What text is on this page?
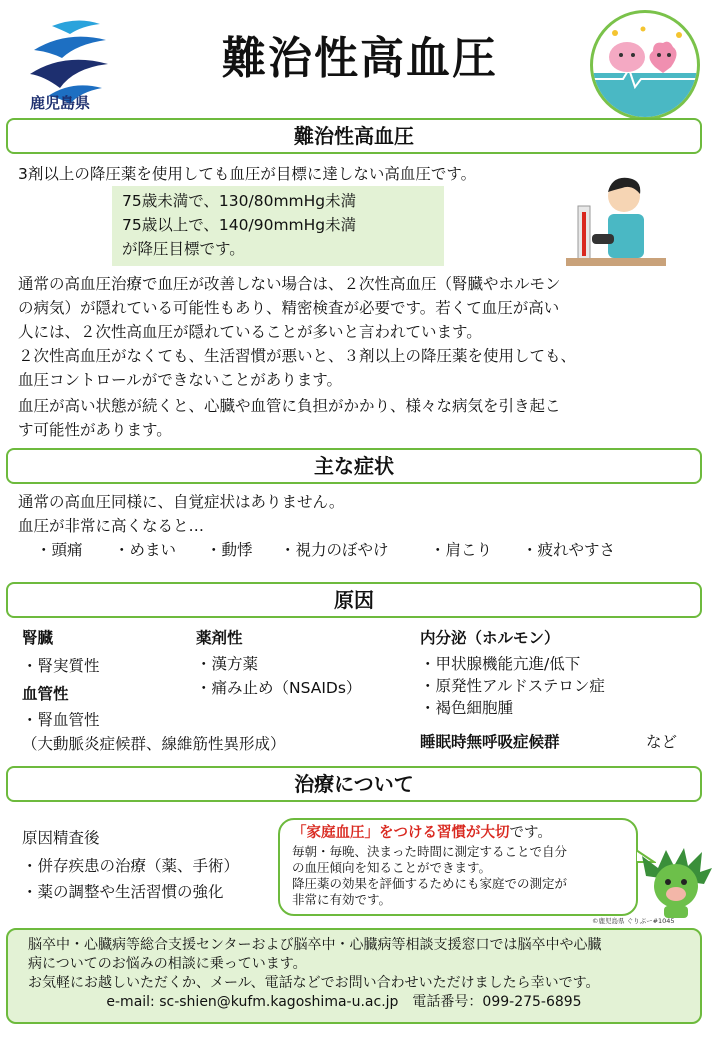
鹿児島県
難治性高血圧
難治性高血圧
3剤以上の降圧薬を使用しても血圧が目標に達しない高血圧です。
75歳未満で、130/80mmHg未満
75歳以上で、140/90mmHg未満
が降圧目標です。
通常の高血圧治療で血圧が改善しない場合は、２次性高血圧（腎臓やホルモン
の病気）が隠れている可能性もあり、精密検査が必要です。若くて血圧が高い
人には、２次性高血圧が隠れていることが多いと言われています。
２次性高血圧がなくても、生活習慣が悪いと、３剤以上の降圧薬を使用しても、
血圧コントロールができないことがあります。
血圧が高い状態が続くと、心臓や血管に負担がかかり、様々な病気を引き起こ
す可能性があります。
主な症状
通常の高血圧同様に、自覚症状はありません。
血圧が非常に高くなると…
・頭痛 ・めまい ・動悸 ・視力のぼやけ	・肩こり ・疲れやすさ
原因
腎臓
・腎実質性
血管性
・腎血管性
（大動脈炎症候群、線維筋性異形成）
薬剤性
・漢方薬
・痛み止め（NSAIDs）
内分泌（ホルモン）
・甲状腺機能亢進/低下
・原発性アルドステロン症
・褐色細胞腫
睡眠時無呼吸症候群	など
治療について
原因精査後
・併存疾患の治療（薬、手術）
・薬の調整や生活習慣の強化
「家庭血圧」をつける習慣が大切です。
毎朝・毎晩、決まった時間に測定することで自分
の血圧傾向を知ることができます。
降圧薬の効果を評価するためにも家庭での測定が
非常に有効です。
©鹿児島県 ぐりぶー#1045
脳卒中・心臓病等総合支援センターおよび脳卒中・心臓病等相談支援窓口では脳卒中や心臓
病についてのお悩みの相談に乗っています。
お気軽にお越しいただくか、メール、電話などでお問い合わせいただけましたら幸いです。
e-mail: sc-shien@kufm.kagoshima-u.ac.jp　電話番号：099-275-6895
